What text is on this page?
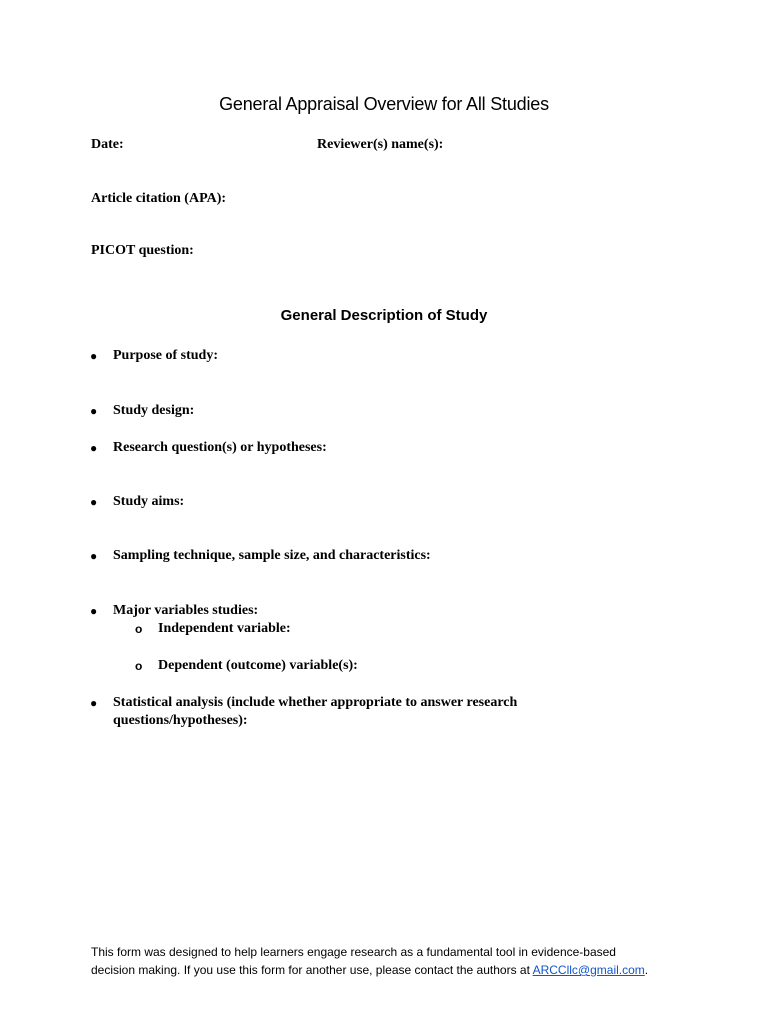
General Appraisal Overview for All Studies

Date:	Reviewer(s) name(s):

Article citation (APA):

PICOT question:

General Description of Study
●	Purpose of study:
●	Study design:
●	Research question(s) or hypotheses:
●	Study aims:
●	Sampling technique, sample size, and characteristics:
●	Major variables studies:
●	Statistical analysis (include whether appropriate to answer research
questions/hypotheses):
o Independent variable:
o Dependent (outcome) variable(s):

This form was designed to help learners engage research as a fundamental tool in evidence-based
decision making. If you use this form for another use, please contact the authors at ARCCllc@gmail.com.
